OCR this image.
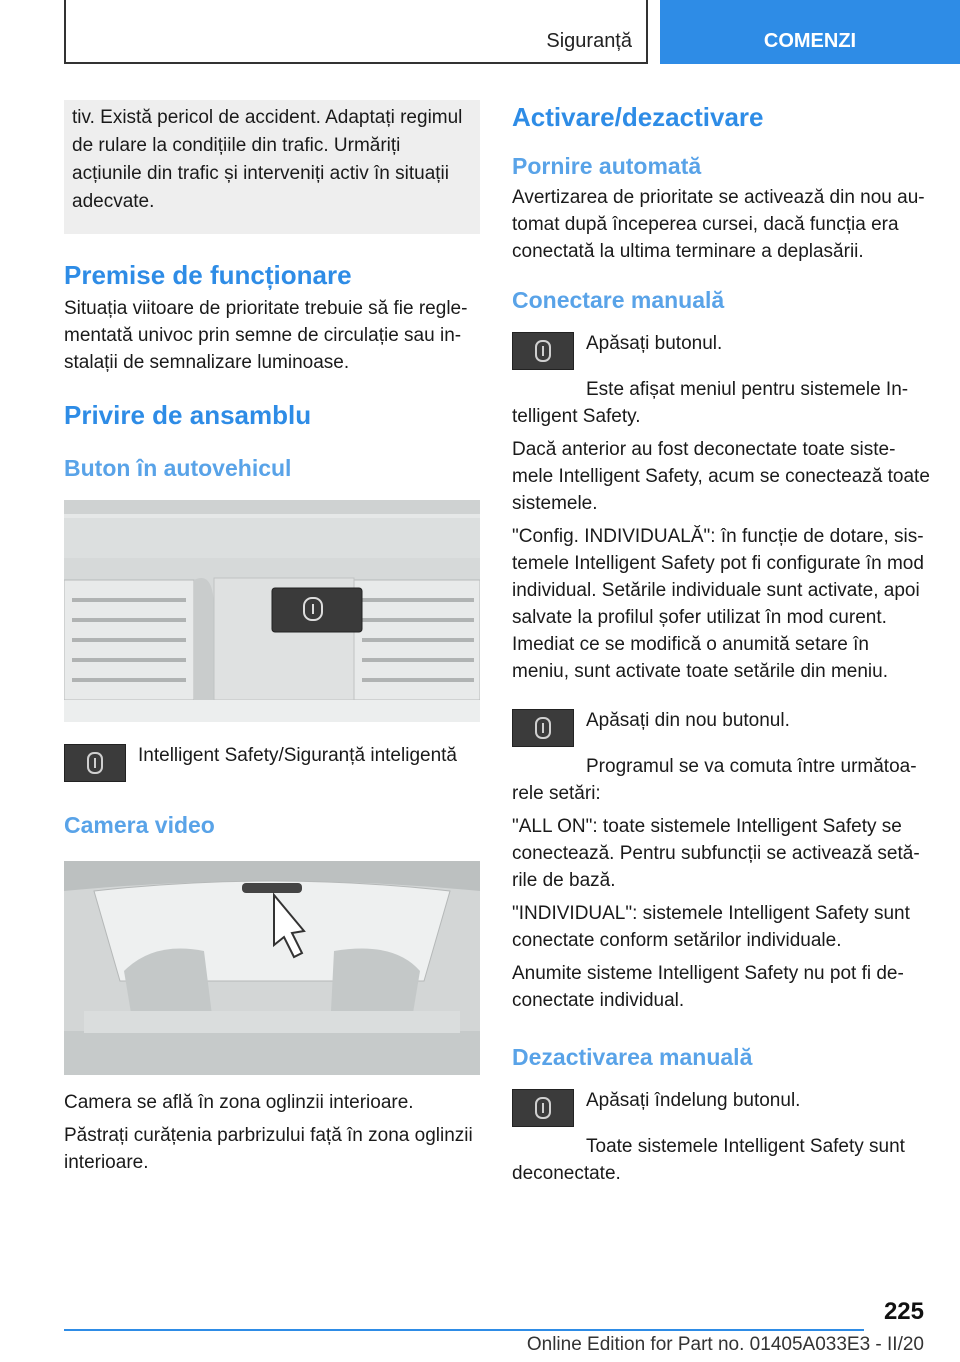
Siguranță	COMENZI
tiv. Există pericol de accident. Adaptați regimul de rulare la condițiile din trafic. Urmăriți acțiunile din trafic și interveniți activ în situații adecvate.
Premise de funcționare

Situația viitoare de prioritate trebuie să fie reglementată univoc prin semne de circulație sau instalații de semnalizare luminoase.

Privire de ansamblu
Buton în autovehicul

Intelligent Safety/Siguranță inteligentă

Camera video

Camera se află în zona oglinzii interioare.

Păstrați curățenia parbrizului față în zona oglinzii interioare.

Activare/dezactivare
Pornire automată

Avertizarea de prioritate se activează din nou automat după începerea cursei, dacă funcția era conectată la ultima terminare a deplasării.

Conectare manuală

Apăsați butonul.

Este afișat meniul pentru sistemele Intelligent Safety.

Dacă anterior au fost deconectate toate sistemele Intelligent Safety, acum se conectează toate sistemele.

"Config. INDIVIDUALĂ": în funcție de dotare, sistemele Intelligent Safety pot fi configurate în mod individual. Setările individuale sunt activate, apoi salvate la profilul șofer utilizat în mod curent. Imediat ce se modifică o anumită setare în meniu, sunt activate toate setările din meniu.

Apăsați din nou butonul.

Programul se va comuta între următoarele setări:

"ALL ON": toate sistemele Intelligent Safety se conectează. Pentru subfuncții se activează setările de bază.

"INDIVIDUAL": sistemele Intelligent Safety sunt conectate conform setărilor individuale.

Anumite sisteme Intelligent Safety nu pot fi deconectate individual.

Dezactivarea manuală

Apăsați îndelung butonul.

Toate sistemele Intelligent Safety sunt deconectate.

225
Online Edition for Part no. 01405A033E3 - II/20
